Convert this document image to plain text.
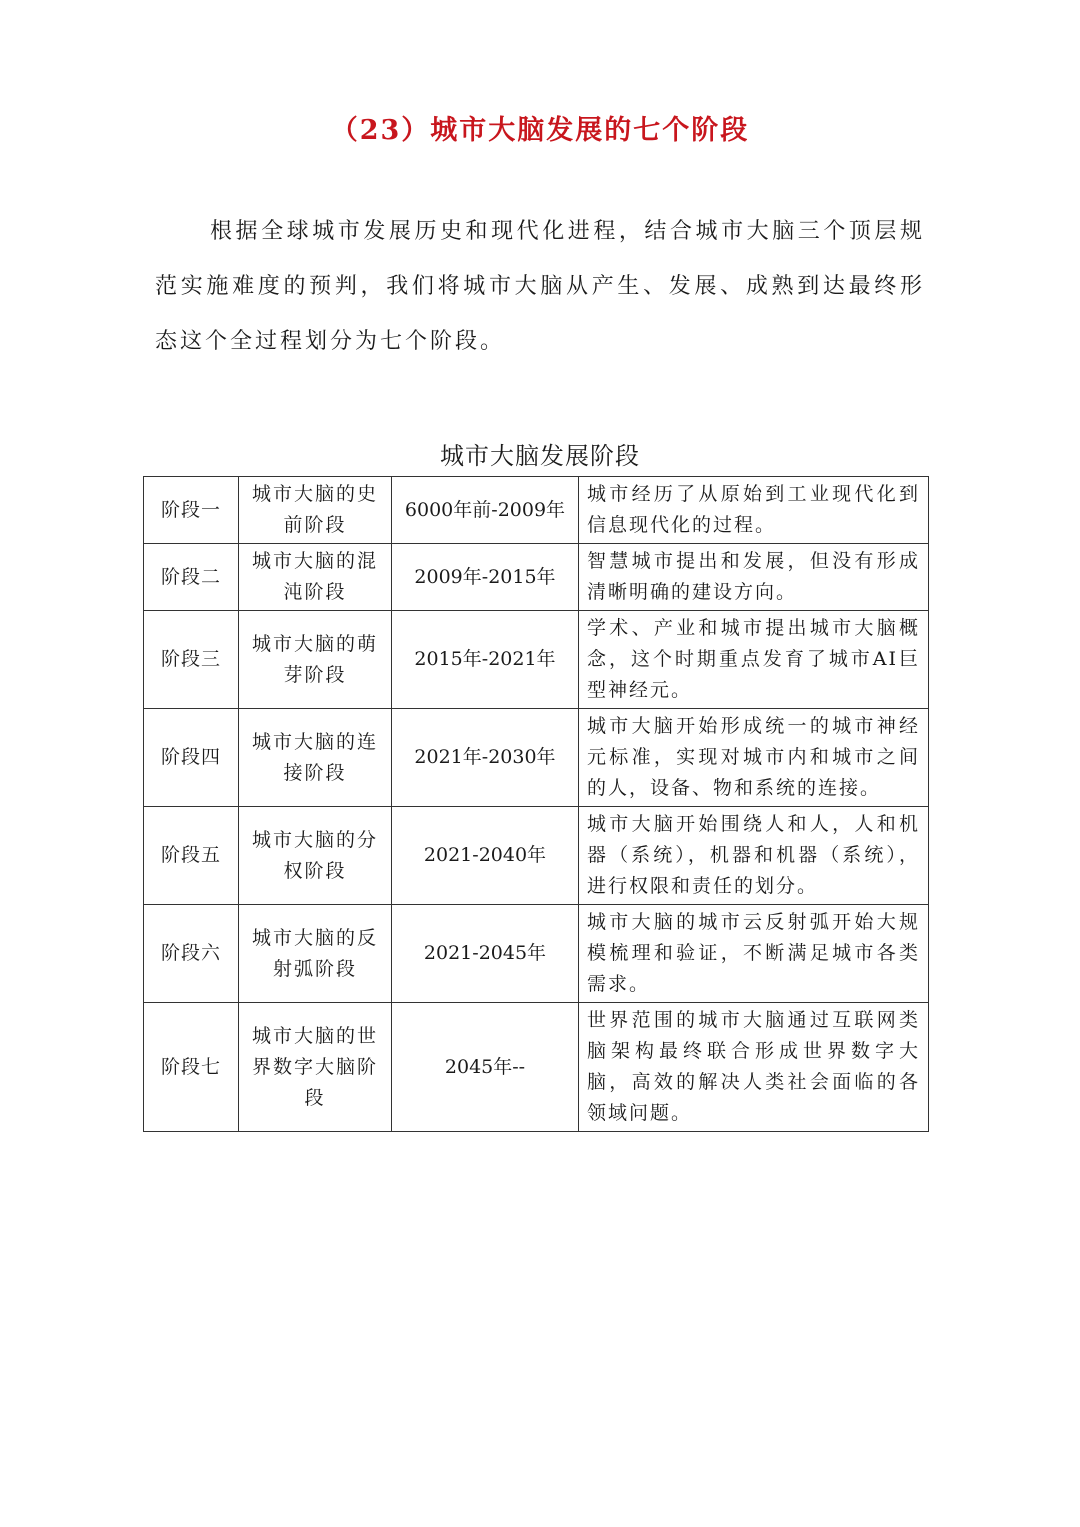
（23）城市大脑发展的七个阶段

根据全球城市发展历史和现代化进程，结合城市大脑三个顶层规范实施难度的预判，我们将城市大脑从产生、发展、成熟到达最终形态这个全过程划分为七个阶段。

城市大脑发展阶段
阶段一	城市大脑的史前阶段	6000年前-2009年	城市经历了从原始到工业现代化到信息现代化的过程。
阶段二	城市大脑的混沌阶段	2009年-2015年	智慧城市提出和发展，但没有形成清晰明确的建设方向。
阶段三	城市大脑的萌芽阶段	2015年-2021年	学术、产业和城市提出城市大脑概念，这个时期重点发育了城市AI巨型神经元。
阶段四	城市大脑的连接阶段	2021年-2030年	城市大脑开始形成统一的城市神经元标准，实现对城市内和城市之间的人，设备、物和系统的连接。
阶段五	城市大脑的分权阶段	2021-2040年	城市大脑开始围绕人和人，人和机器（系统），机器和机器（系统），进行权限和责任的划分。
阶段六	城市大脑的反射弧阶段	2021-2045年	城市大脑的城市云反射弧开始大规模梳理和验证，不断满足城市各类需求。
阶段七	城市大脑的世界数字大脑阶段	2045年--	世界范围的城市大脑通过互联网类脑架构最终联合形成世界数字大脑，高效的解决人类社会面临的各领域问题。
